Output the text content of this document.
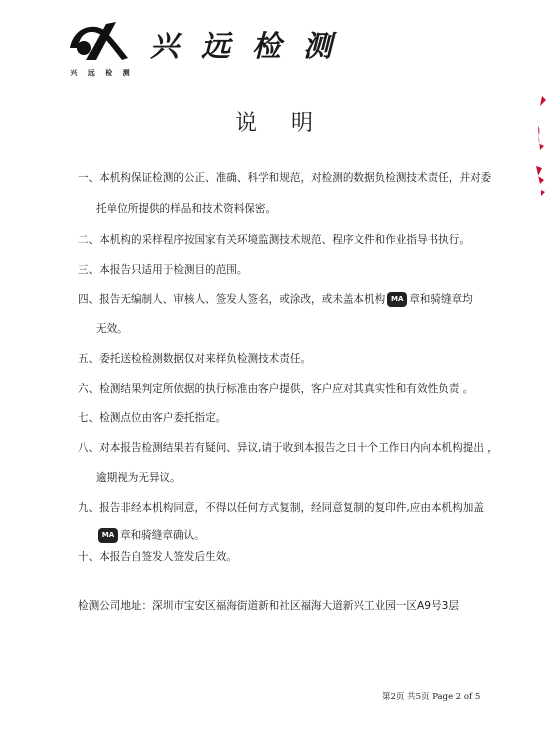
兴 远 检 测
兴远检测
说明
一、本机构保证检测的公正、准确、科学和规范，对检测的数据负检测技术责任，并对委
托单位所提供的样品和技术资料保密。
二、本机构的采样程序按国家有关环境监测技术规范、程序文件和作业指导书执行。
三、本报告只适用于检测目的范围。
四、报告无编制人、审核人、签发人签名，或涂改，或未盖本机构 MA 章和骑缝章均
无效。
五、委托送检检测数据仅对来样负检测技术责任。
六、检测结果判定所依据的执行标准由客户提供，客户应对其真实性和有效性负责 。
七、检测点位由客户委托指定。
八、对本报告检测结果若有疑问、异议,请于收到本报告之日十个工作日内向本机构提出 ，
逾期视为无异议。
九、报告非经本机构同意，不得以任何方式复制，经同意复制的复印件,应由本机构加盖
MA 章和骑缝章确认。
十、本报告自签发人签发后生效。
检测公司地址：深圳市宝安区福海街道新和社区福海大道新兴工业园一区A9号3层
第2页 共5页 Page 2 of 5
